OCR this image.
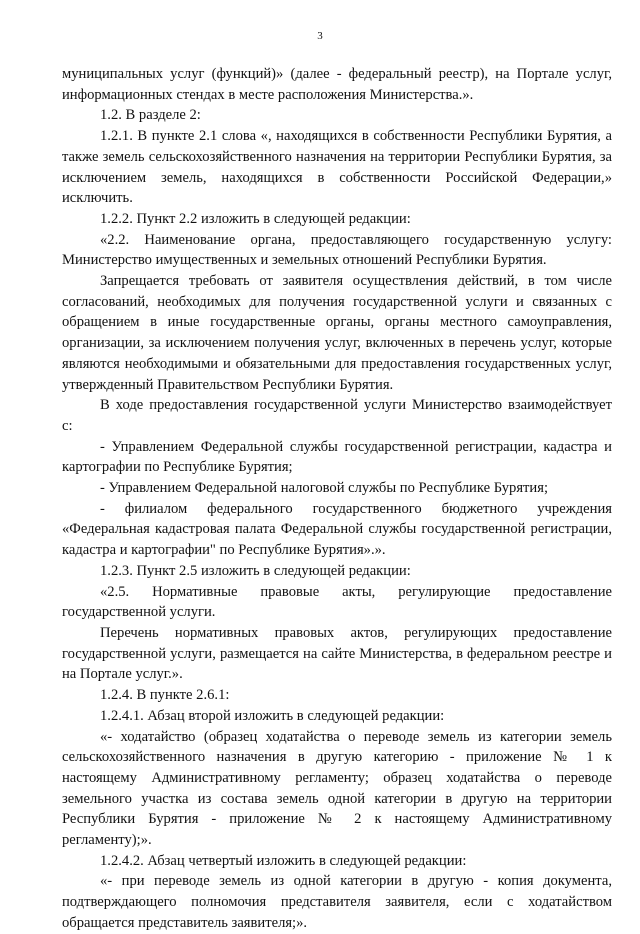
3

муниципальных услуг (функций)» (далее - федеральный реестр), на Портале услуг, информационных стендах в месте расположения Министерства.».

1.2. В разделе 2:

1.2.1. В пункте 2.1 слова «, находящихся в собственности Республики Бурятия, а также земель сельскохозяйственного назначения на территории Республики Бурятия, за исключением земель, находящихся в собственности Российской Федерации,» исключить.

1.2.2. Пункт 2.2 изложить в следующей редакции:

«2.2. Наименование органа, предоставляющего государственную услугу: Министерство имущественных и земельных отношений Республики Бурятия.

Запрещается требовать от заявителя осуществления действий, в том числе согласований, необходимых для получения государственной услуги и связанных с обращением в иные государственные органы, органы местного самоуправления, организации, за исключением получения услуг, включенных в перечень услуг, которые являются необходимыми и обязательными для предоставления государственных услуг, утвержденный Правительством Республики Бурятия.

В ходе предоставления государственной услуги Министерство взаимодействует с:

- Управлением Федеральной службы государственной регистрации, кадастра и картографии по Республике Бурятия;

- Управлением Федеральной налоговой службы по Республике Бурятия;

- филиалом федерального государственного бюджетного учреждения «Федеральная кадастровая палата Федеральной службы государственной регистрации, кадастра и картографии" по Республике Бурятия».».

1.2.3. Пункт 2.5 изложить в следующей редакции:

«2.5. Нормативные правовые акты, регулирующие предоставление государственной услуги.

Перечень нормативных правовых актов, регулирующих предоставление государственной услуги, размещается на сайте Министерства, в федеральном реестре и на Портале услуг.».

1.2.4. В пункте 2.6.1:

1.2.4.1. Абзац второй изложить в следующей редакции:

«- ходатайство (образец ходатайства о переводе земель из категории земель сельскохозяйственного назначения в другую категорию - приложение № 1 к настоящему Административному регламенту; образец ходатайства о переводе земельного участка из состава земель одной категории в другую на территории Республики Бурятия - приложение № 2 к настоящему Административному регламенту);».

1.2.4.2. Абзац четвертый изложить в следующей редакции:

«- при переводе земель из одной категории в другую - копия документа, подтверждающего полномочия представителя заявителя, если с ходатайством обращается представитель заявителя;».
